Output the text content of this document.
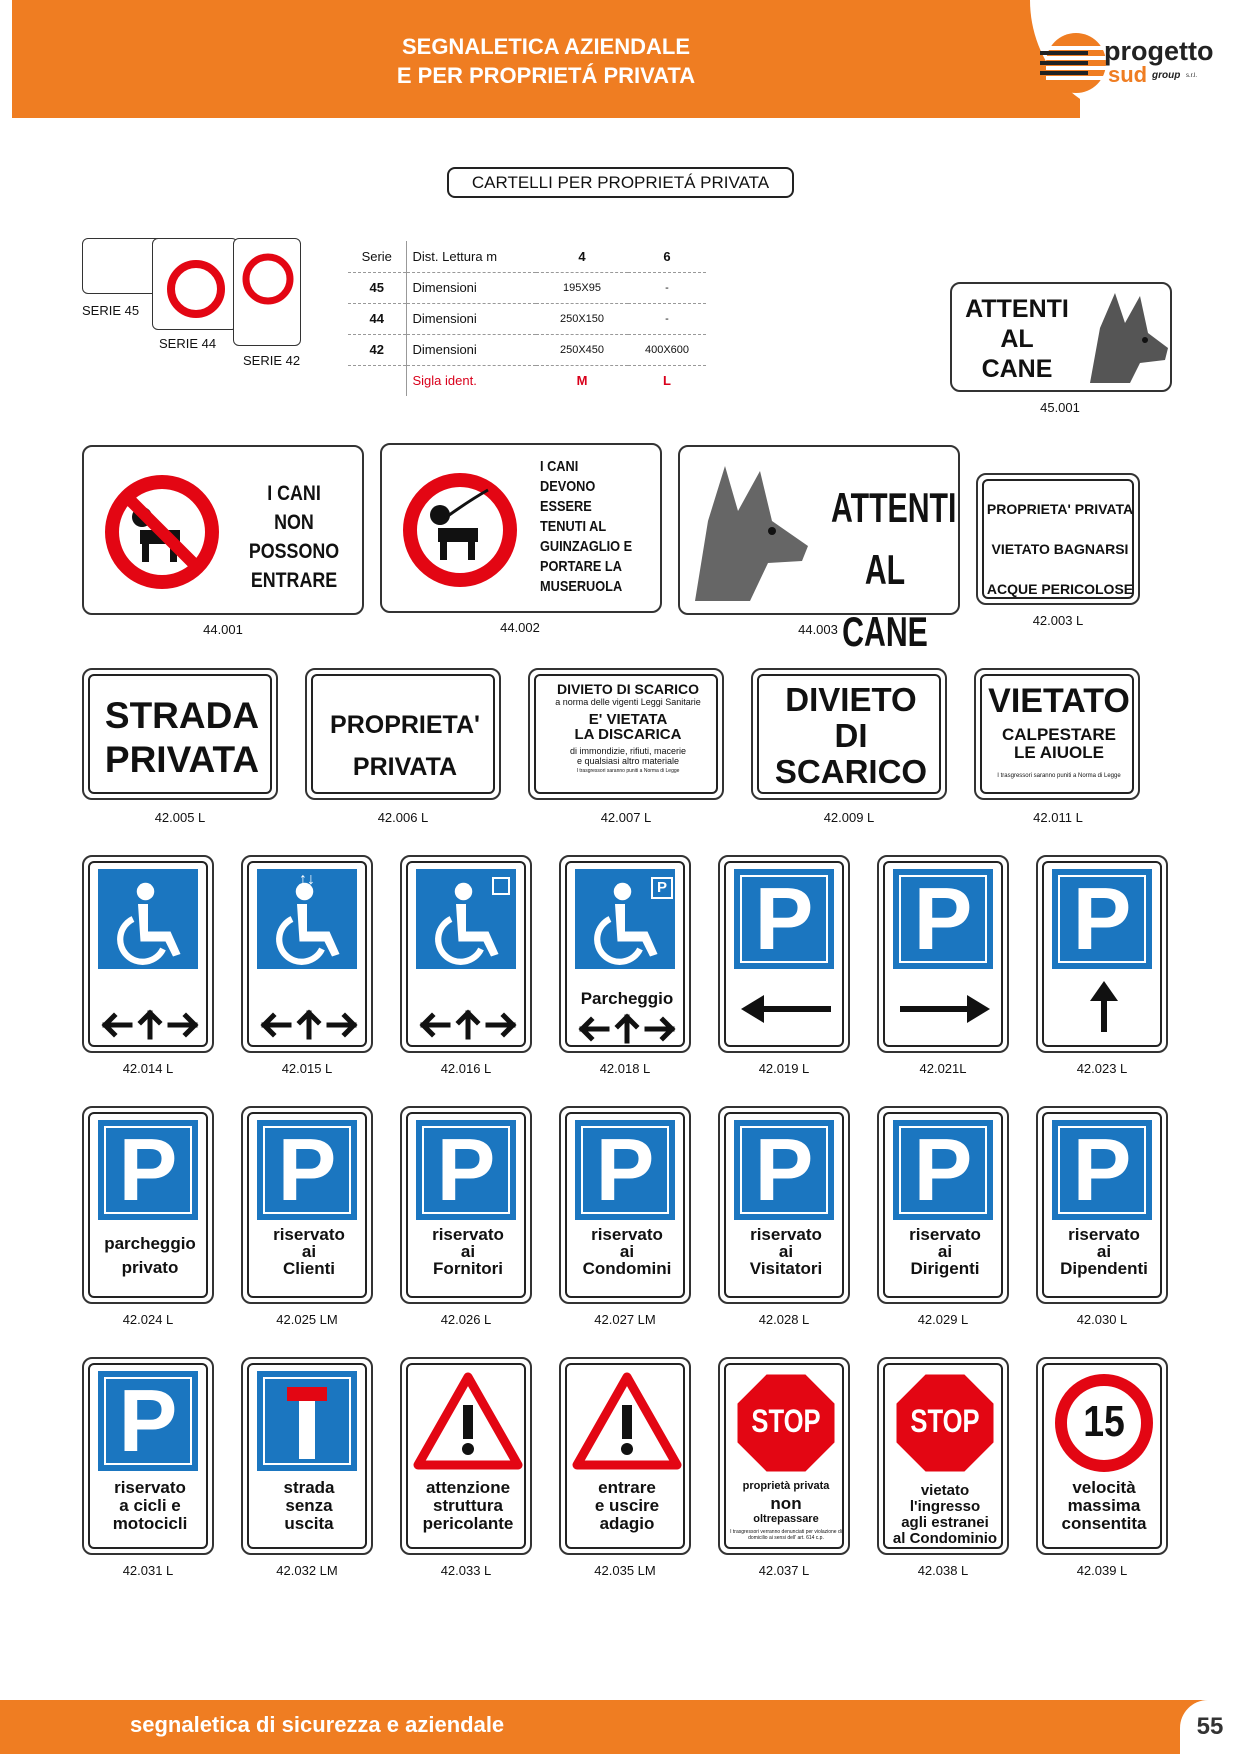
SEGNALETICA AZIENDALE
E PER PROPRIETÁ PRIVATA
progetto
sud group s.r.l.
CARTELLI PER PROPRIETÁ PRIVATA
SERIE 45
SERIE 44
SERIE 42
Serie	Dist. Lettura m	4	6
45	Dimensioni	195X95	-
44	Dimensioni	250X150	-
42	Dimensioni	250X450	400X600
	Sigla ident.	M	L
ATTENTI
AL
CANE
45.001
I CANI
NON
POSSONO
ENTRARE
44.001
I CANI
DEVONO
ESSERE
TENUTI AL
GUINZAGLIO E
PORTARE LA
MUSERUOLA
44.002
ATTENTI
AL CANE
44.003
PROPRIETA' PRIVATA
VIETATO BAGNARSI
ACQUE PERICOLOSE
42.003 L
STRADA
PRIVATA
42.005 L
PROPRIETA'
PRIVATA
42.006 L
DIVIETO DI SCARICO
a norma delle vigenti Leggi Sanitarie
E' VIETATA
LA DISCARICA
di immondizie, rifiuti, macerie
e qualsiasi altro materiale
I trasgressori saranno puniti a Norma di Legge
42.007 L
DIVIETO
DI
SCARICO
42.009 L
VIETATO
CALPESTARE
LE AIUOLE
I trasgressori saranno puniti a Norma di Legge
42.011 L
42.014 L
↑↓
42.015 L	42.016 L
P
Parcheggio
42.018 L
P
42.019 L
P
42.021L
P
42.023 L
P
parcheggio
privato
42.024 L
P
riservato
ai
Clienti
42.025 LM
P
riservato
ai
Fornitori
42.026 L
P
riservato
ai
Condomini
42.027 LM
P
riservato
ai
Visitatori
42.028 L
P
riservato
ai
Dirigenti
42.029 L
P
riservato
ai
Dipendenti
42.030 L
P
riservato
a cicli e
motocicli
42.031 L
strada
senza
uscita
42.032 LM
attenzione
struttura
pericolante
42.033 L
entrare
e uscire
adagio
42.035 LM
STOP
proprietà privata
non
oltrepassare
I trasgressori verranno denunciati per violazione di domicilio ai sensi dell' art. 614 c.p.
42.037 L
STOP
vietato
l'ingresso
agli estranei
al Condominio
42.038 L
15
velocità
massima
consentita
42.039 L
segnaletica di sicurezza e aziendale	55
